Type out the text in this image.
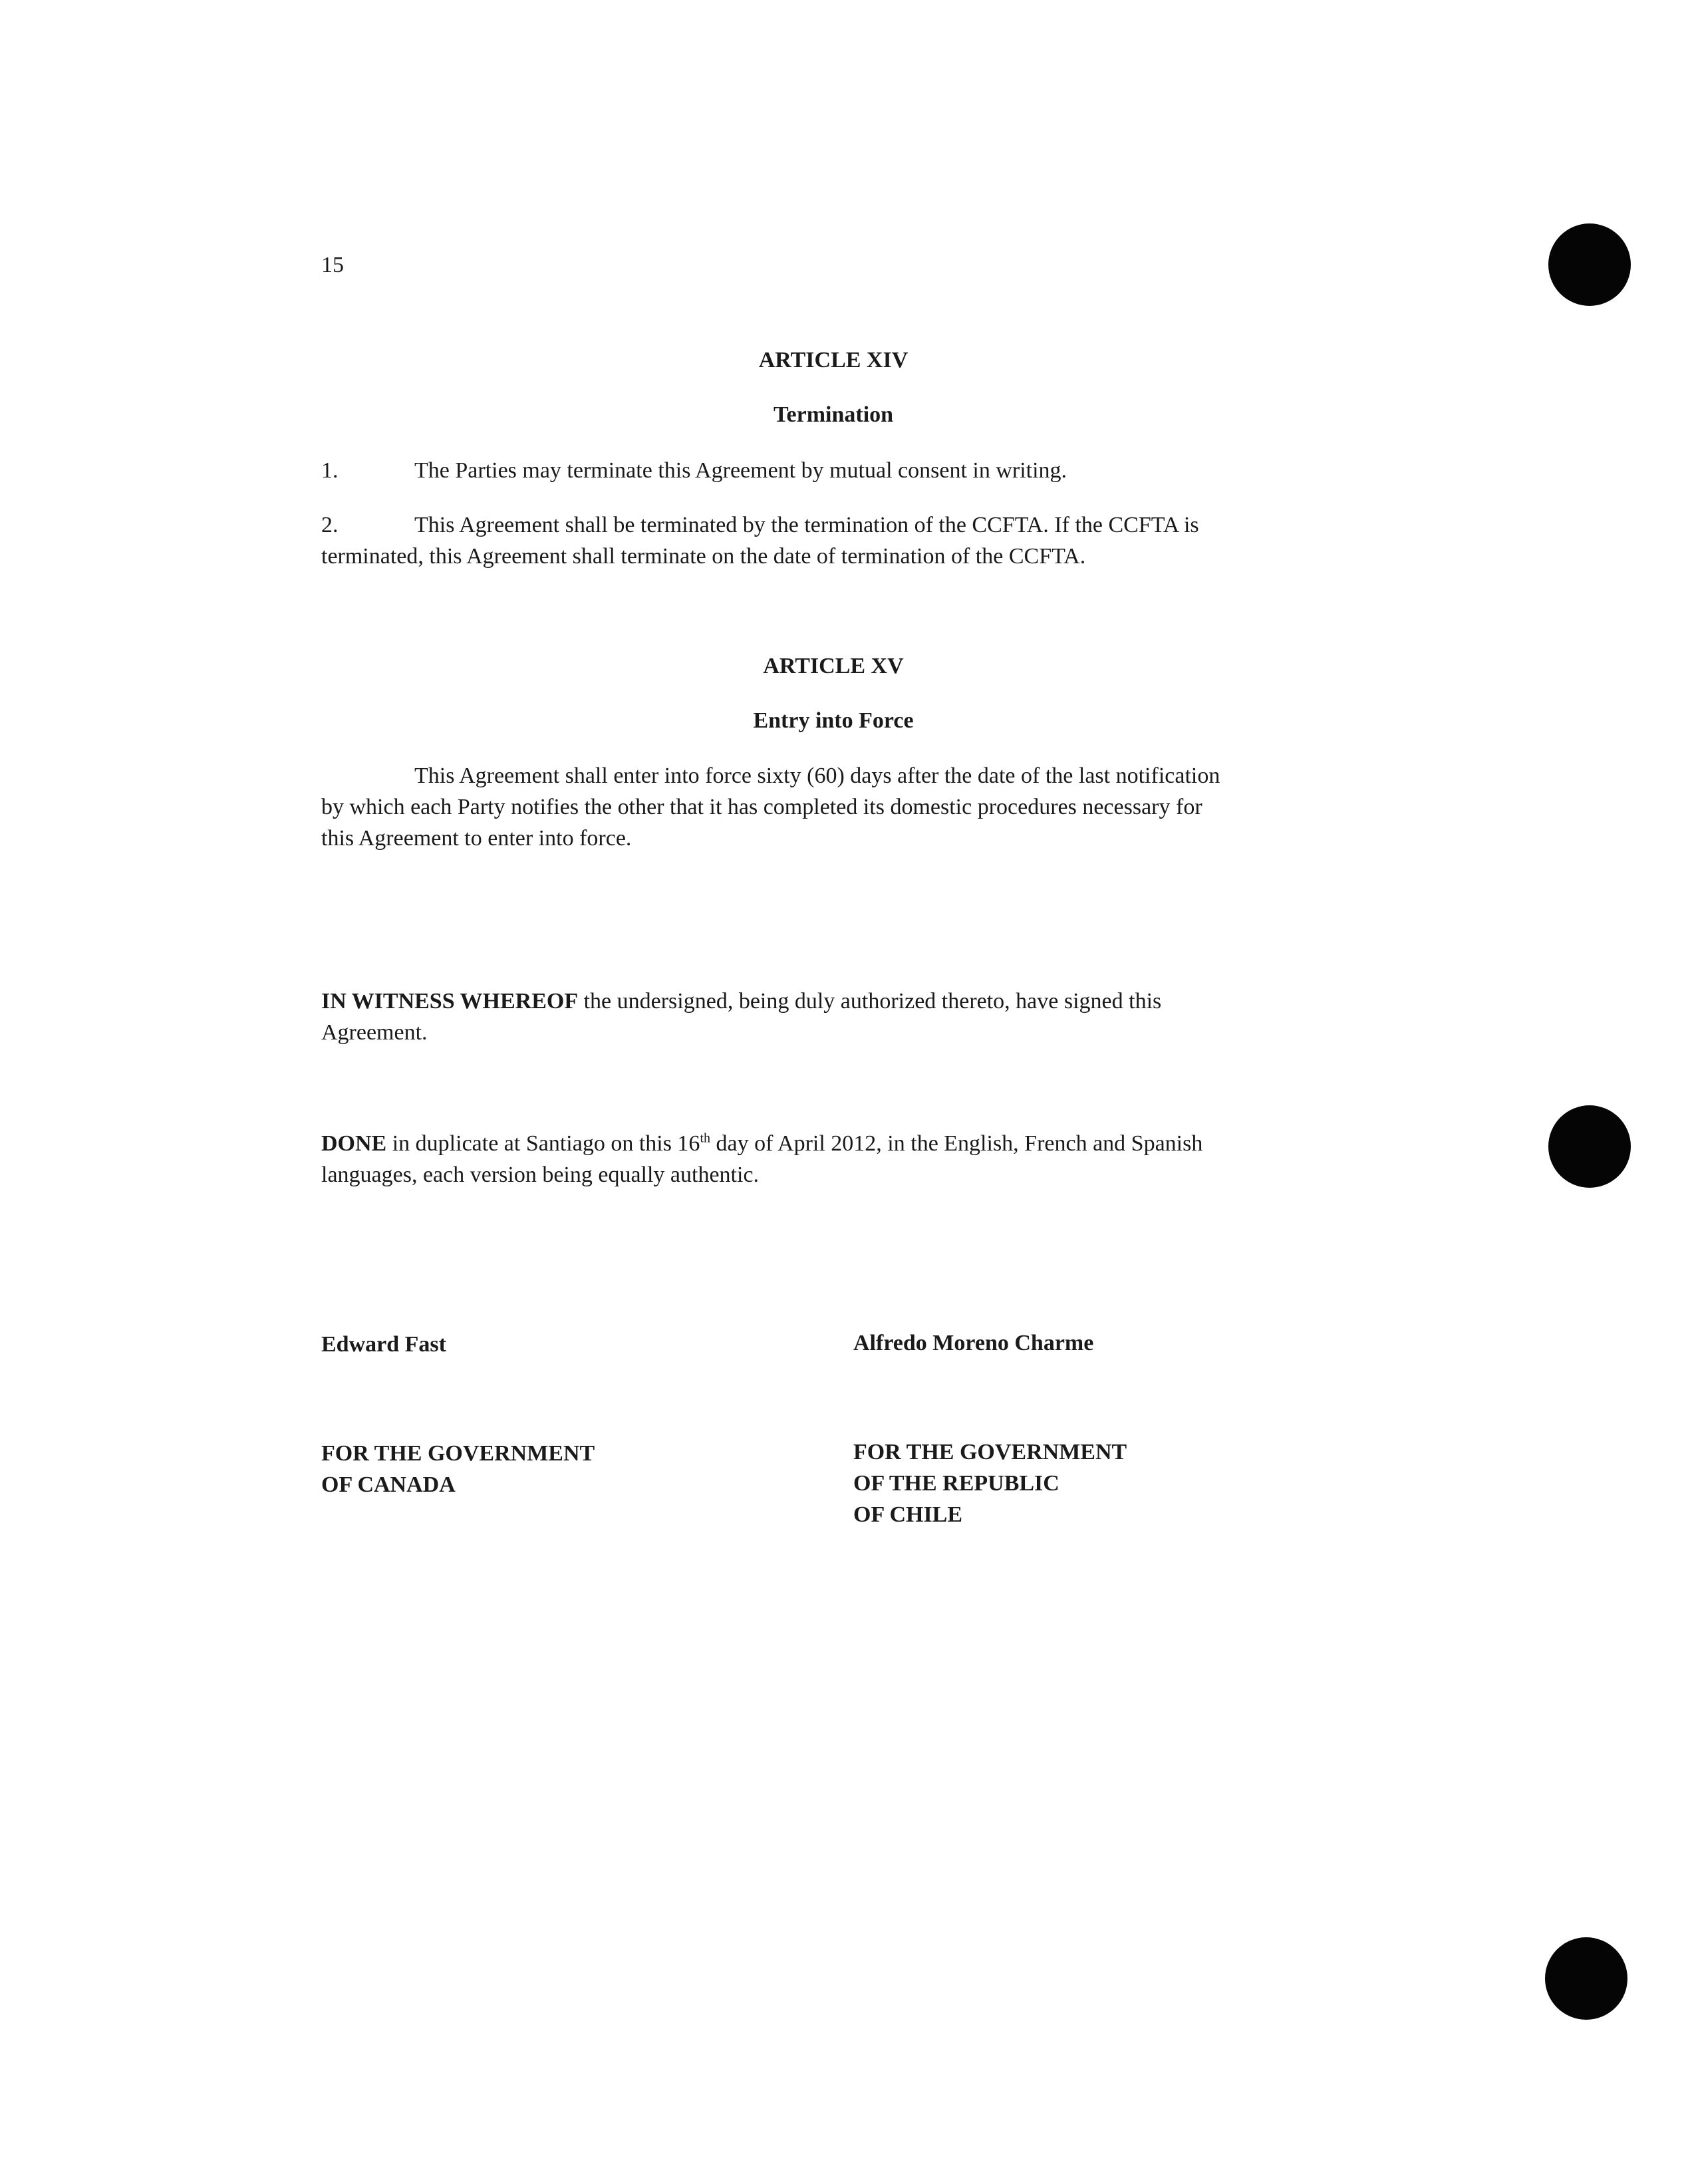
15
ARTICLE XIV
Termination
1.	The Parties may terminate this Agreement by mutual consent in writing.
2.	This Agreement shall be terminated by the termination of the CCFTA. If the CCFTA is
terminated, this Agreement shall terminate on the date of termination of the CCFTA.
ARTICLE XV
Entry into Force
This Agreement shall enter into force sixty (60) days after the date of the last notification
by which each Party notifies the other that it has completed its domestic procedures necessary for
this Agreement to enter into force.
IN WITNESS WHEREOF the undersigned, being duly authorized thereto, have signed this
Agreement.
DONE in duplicate at Santiago on this 16th day of April 2012, in the English, French and Spanish
languages, each version being equally authentic.
Edward Fast	Alfredo Moreno Charme
FOR THE GOVERNMENT
OF CANADA
FOR THE GOVERNMENT
OF THE REPUBLIC
OF CHILE
